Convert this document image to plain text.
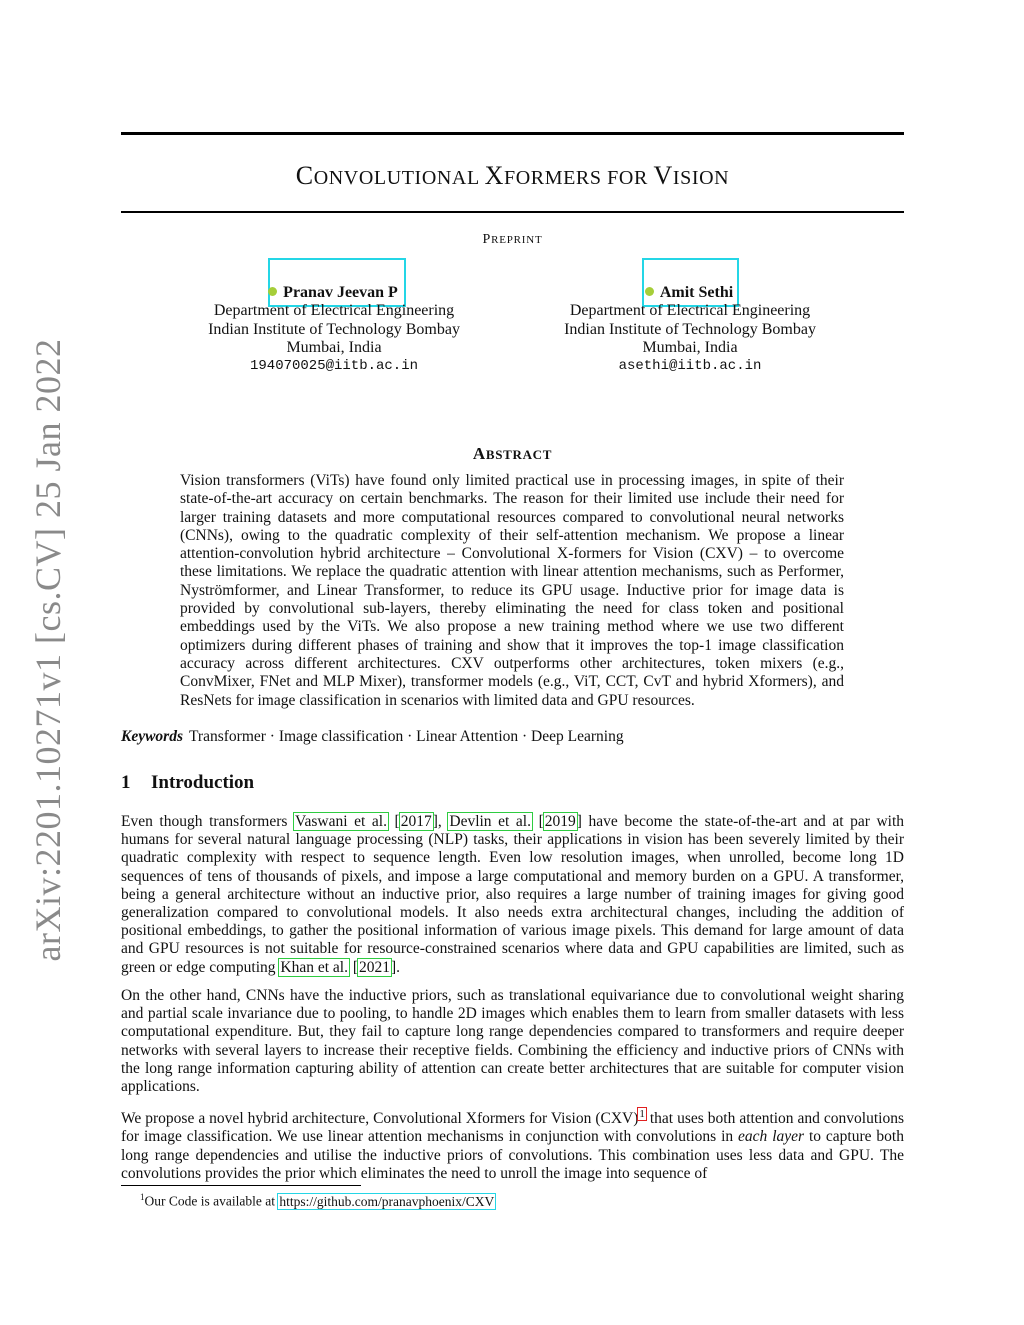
arXiv:2201.10271v1 [cs.CV] 25 Jan 2022
CONVOLUTIONAL XFORMERS FOR VISION
PREPRINT
Pranav Jeevan P
Department of Electrical Engineering
Indian Institute of Technology Bombay
Mumbai, India
194070025@iitb.ac.in
Amit Sethi
Department of Electrical Engineering
Indian Institute of Technology Bombay
Mumbai, India
asethi@iitb.ac.in
ABSTRACT
Vision transformers (ViTs) have found only limited practical use in processing images, in spite of their state-of-the-art accuracy on certain benchmarks. The reason for their limited use include their need for larger training datasets and more computational resources compared to convolutional neural networks (CNNs), owing to the quadratic complexity of their self-attention mechanism. We propose a linear attention-convolution hybrid architecture – Convolutional X-formers for Vision (CXV) – to overcome these limitations. We replace the quadratic attention with linear attention mechanisms, such as Performer, Nyströmformer, and Linear Transformer, to reduce its GPU usage. Inductive prior for image data is provided by convolutional sub-layers, thereby eliminating the need for class token and positional embeddings used by the ViTs. We also propose a new training method where we use two different optimizers during different phases of training and show that it improves the top-1 image classification accuracy across different architectures. CXV outperforms other architectures, token mixers (e.g., ConvMixer, FNet and MLP Mixer), transformer models (e.g., ViT, CCT, CvT and hybrid Xformers), and ResNets for image classification in scenarios with limited data and GPU resources.
Keywords Transformer · Image classification · Linear Attention · Deep Learning
1 Introduction
Even though transformers Vaswani et al. [2017], Devlin et al. [2019] have become the state-of-the-art and at par with humans for several natural language processing (NLP) tasks, their applications in vision has been severely limited by their quadratic complexity with respect to sequence length. Even low resolution images, when unrolled, become long 1D sequences of tens of thousands of pixels, and impose a large computational and memory burden on a GPU. A transformer, being a general architecture without an inductive prior, also requires a large number of training images for giving good generalization compared to convolutional models. It also needs extra architectural changes, including the addition of positional embeddings, to gather the positional information of various image pixels. This demand for large amount of data and GPU resources is not suitable for resource-constrained scenarios where data and GPU capabilities are limited, such as green or edge computing Khan et al. [2021].
On the other hand, CNNs have the inductive priors, such as translational equivariance due to convolutional weight sharing and partial scale invariance due to pooling, to handle 2D images which enables them to learn from smaller datasets with less computational expenditure. But, they fail to capture long range dependencies compared to transformers and require deeper networks with several layers to increase their receptive fields. Combining the efficiency and inductive priors of CNNs with the long range information capturing ability of attention can create better architectures that are suitable for computer vision applications.
We propose a novel hybrid architecture, Convolutional Xformers for Vision (CXV)$^1$ that uses both attention and convolutions for image classification. We use linear attention mechanisms in conjunction with convolutions in each layer to capture both long range dependencies and utilise the inductive priors of convolutions. This combination uses less data and GPU. The convolutions provides the prior which eliminates the need to unroll the image into sequence of
$^1$Our Code is available at https://github.com/pranavphoenix/CXV
